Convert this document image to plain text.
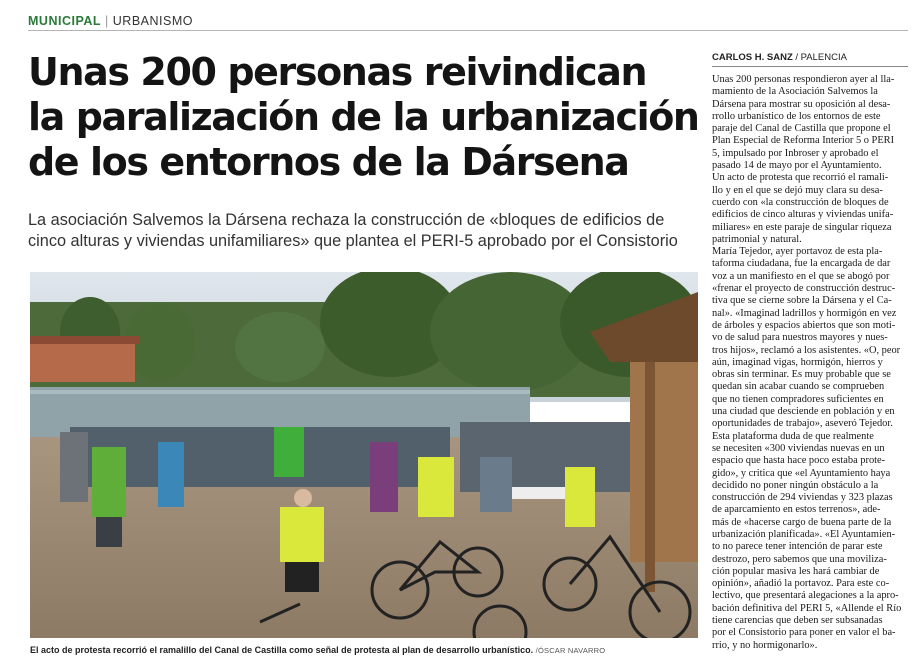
MUNICIPAL | URBANISMO
Unas 200 personas reivindican
la paralización de la urbanización
de los entornos de la Dársena
La asociación Salvemos la Dársena rechaza la construcción de «bloques de edificios de
cinco alturas y viviendas unifamiliares» que plantea el PERI-5 aprobado por el Consistorio
El acto de protesta recorrió el ramalillo del Canal de Castilla como señal de protesta al plan de desarrollo urbanístico. /ÓSCAR NAVARRO
CARLOS H. SANZ / PALENCIA
Unas 200 personas respondieron ayer al lla-
mamiento de la Asociación Salvemos la
Dársena para mostrar su oposición al desa-
rrollo urbanístico de los entornos de este
paraje del Canal de Castilla que propone el
Plan Especial de Reforma Interior 5 o PERI
5, impulsado por Inbroser y aprobado el
pasado 14 de mayo por el Ayuntamiento.
Un acto de protesta que recorrió el ramali-
llo y en el que se dejó muy clara su desa-
cuerdo con «la construcción de bloques de
edificios de cinco alturas y viviendas unifa-
miliares» en este paraje de singular riqueza
patrimonial y natural.
María Tejedor, ayer portavoz de esta pla-
taforma ciudadana, fue la encargada de dar
voz a un manifiesto en el que se abogó por
«frenar el proyecto de construcción destruc-
tiva que se cierne sobre la Dársena y el Ca-
nal». «Imaginad ladrillos y hormigón en vez
de árboles y espacios abiertos que son moti-
vo de salud para nuestros mayores y nues-
tros hijos», reclamó a los asistentes. «O, peor
aún, imaginad vigas, hormigón, hierros y
obras sin terminar. Es muy probable que se
quedan sin acabar cuando se comprueben
que no tienen compradores suficientes en
una ciudad que desciende en población y en
oportunidades de trabajo», aseveró Tejedor.
Esta plataforma duda de que realmente
se necesiten «300 viviendas nuevas en un
espacio que hasta hace poco estaba prote-
gido», y critica que «el Ayuntamiento haya
decidido no poner ningún obstáculo a la
construcción de 294 viviendas y 323 plazas
de aparcamiento en estos terrenos», ade-
más de «hacerse cargo de buena parte de la
urbanización planificada». «El Ayuntamien-
to no parece tener intención de parar este
destrozo, pero sabemos que una moviliza-
ción popular masiva les hará cambiar de
opinión», añadió la portavoz. Para este co-
lectivo, que presentará alegaciones a la apro-
bación definitiva del PERI 5, «Allende el Río
tiene carencias que deben ser subsanadas
por el Consistorio para poner en valor el ba-
rrio, y no hormigonarlo».
